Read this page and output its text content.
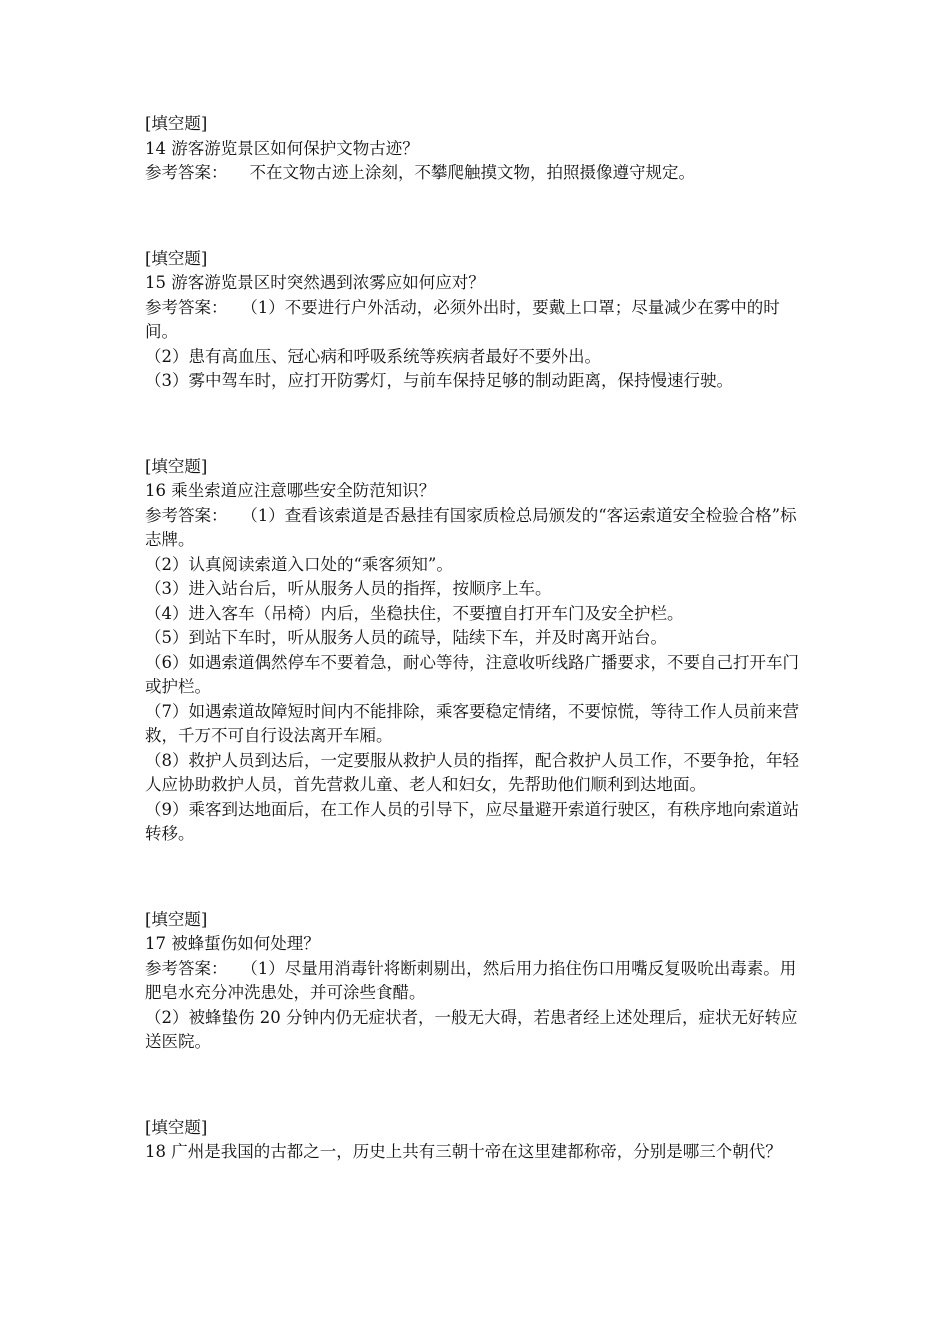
[填空题]
14 游客游览景区如何保护文物古迹？
参考答案： 不在文物古迹上涂刻，不攀爬触摸文物，拍照摄像遵守规定。
[填空题]
15 游客游览景区时突然遇到浓雾应如何应对？
参考答案： （1）不要进行户外活动，必须外出时，要戴上口罩；尽量减少在雾中的时间。
（2）患有高血压、冠心病和呼吸系统等疾病者最好不要外出。
（3）雾中驾车时，应打开防雾灯，与前车保持足够的制动距离，保持慢速行驶。
[填空题]
16 乘坐索道应注意哪些安全防范知识？
参考答案： （1）查看该索道是否悬挂有国家质检总局颁发的“客运索道安全检验合格”标志牌。
（2）认真阅读索道入口处的“乘客须知”。
（3）进入站台后，听从服务人员的指挥，按顺序上车。
（4）进入客车（吊椅）内后，坐稳扶住，不要擅自打开车门及安全护栏。
（5）到站下车时，听从服务人员的疏导，陆续下车，并及时离开站台。
（6）如遇索道偶然停车不要着急，耐心等待，注意收听线路广播要求，不要自己打开车门或护栏。
（7）如遇索道故障短时间内不能排除，乘客要稳定情绪，不要惊慌，等待工作人员前来营救，千万不可自行设法离开车厢。
（8）救护人员到达后，一定要服从救护人员的指挥，配合救护人员工作，不要争抢，年轻人应协助救护人员，首先营救儿童、老人和妇女，先帮助他们顺利到达地面。
（9）乘客到达地面后，在工作人员的引导下，应尽量避开索道行驶区，有秩序地向索道站转移。
[填空题]
17 被蜂蜇伤如何处理？
参考答案： （1）尽量用消毒针将断刺剔出，然后用力掐住伤口用嘴反复吸吮出毒素。用肥皂水充分冲洗患处，并可涂些食醋。
（2）被蜂蛰伤 20 分钟内仍无症状者，一般无大碍，若患者经上述处理后，症状无好转应送医院。
[填空题]
18 广州是我国的古都之一，历史上共有三朝十帝在这里建都称帝，分别是哪三个朝代？
